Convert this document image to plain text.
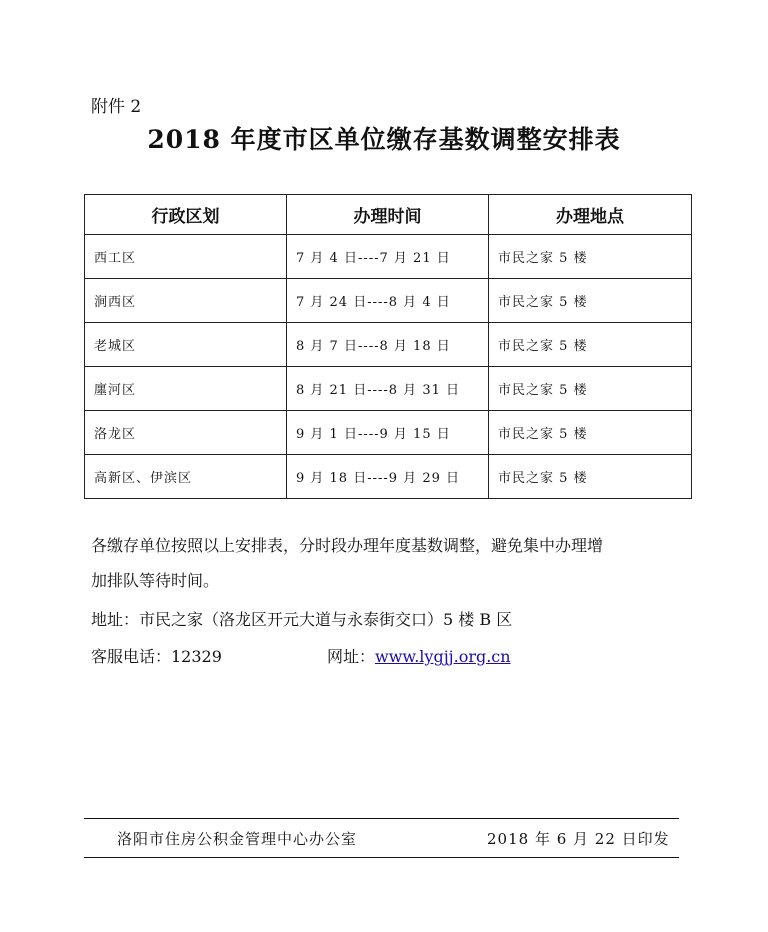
附件 2
2018 年度市区单位缴存基数调整安排表
行政区划	办理时间	办理地点
西工区	7 月 4 日----7 月 21 日	市民之家 5 楼
涧西区	7 月 24 日----8 月 4 日	市民之家 5 楼
老城区	8 月 7 日----8 月 18 日	市民之家 5 楼
廛河区	8 月 21 日----8 月 31 日	市民之家 5 楼
洛龙区	9 月 1 日----9 月 15 日	市民之家 5 楼
高新区、伊滨区	9 月 18 日----9 月 29 日	市民之家 5 楼
各缴存单位按照以上安排表，分时段办理年度基数调整，避免集中办理增
加排队等待时间。
地址：市民之家（洛龙区开元大道与永泰街交口）5 楼 B 区
客服电话：12329	网址：www.lygjj.org.cn
洛阳市住房公积金管理中心办公室	2018 年 6 月 22 日印发
